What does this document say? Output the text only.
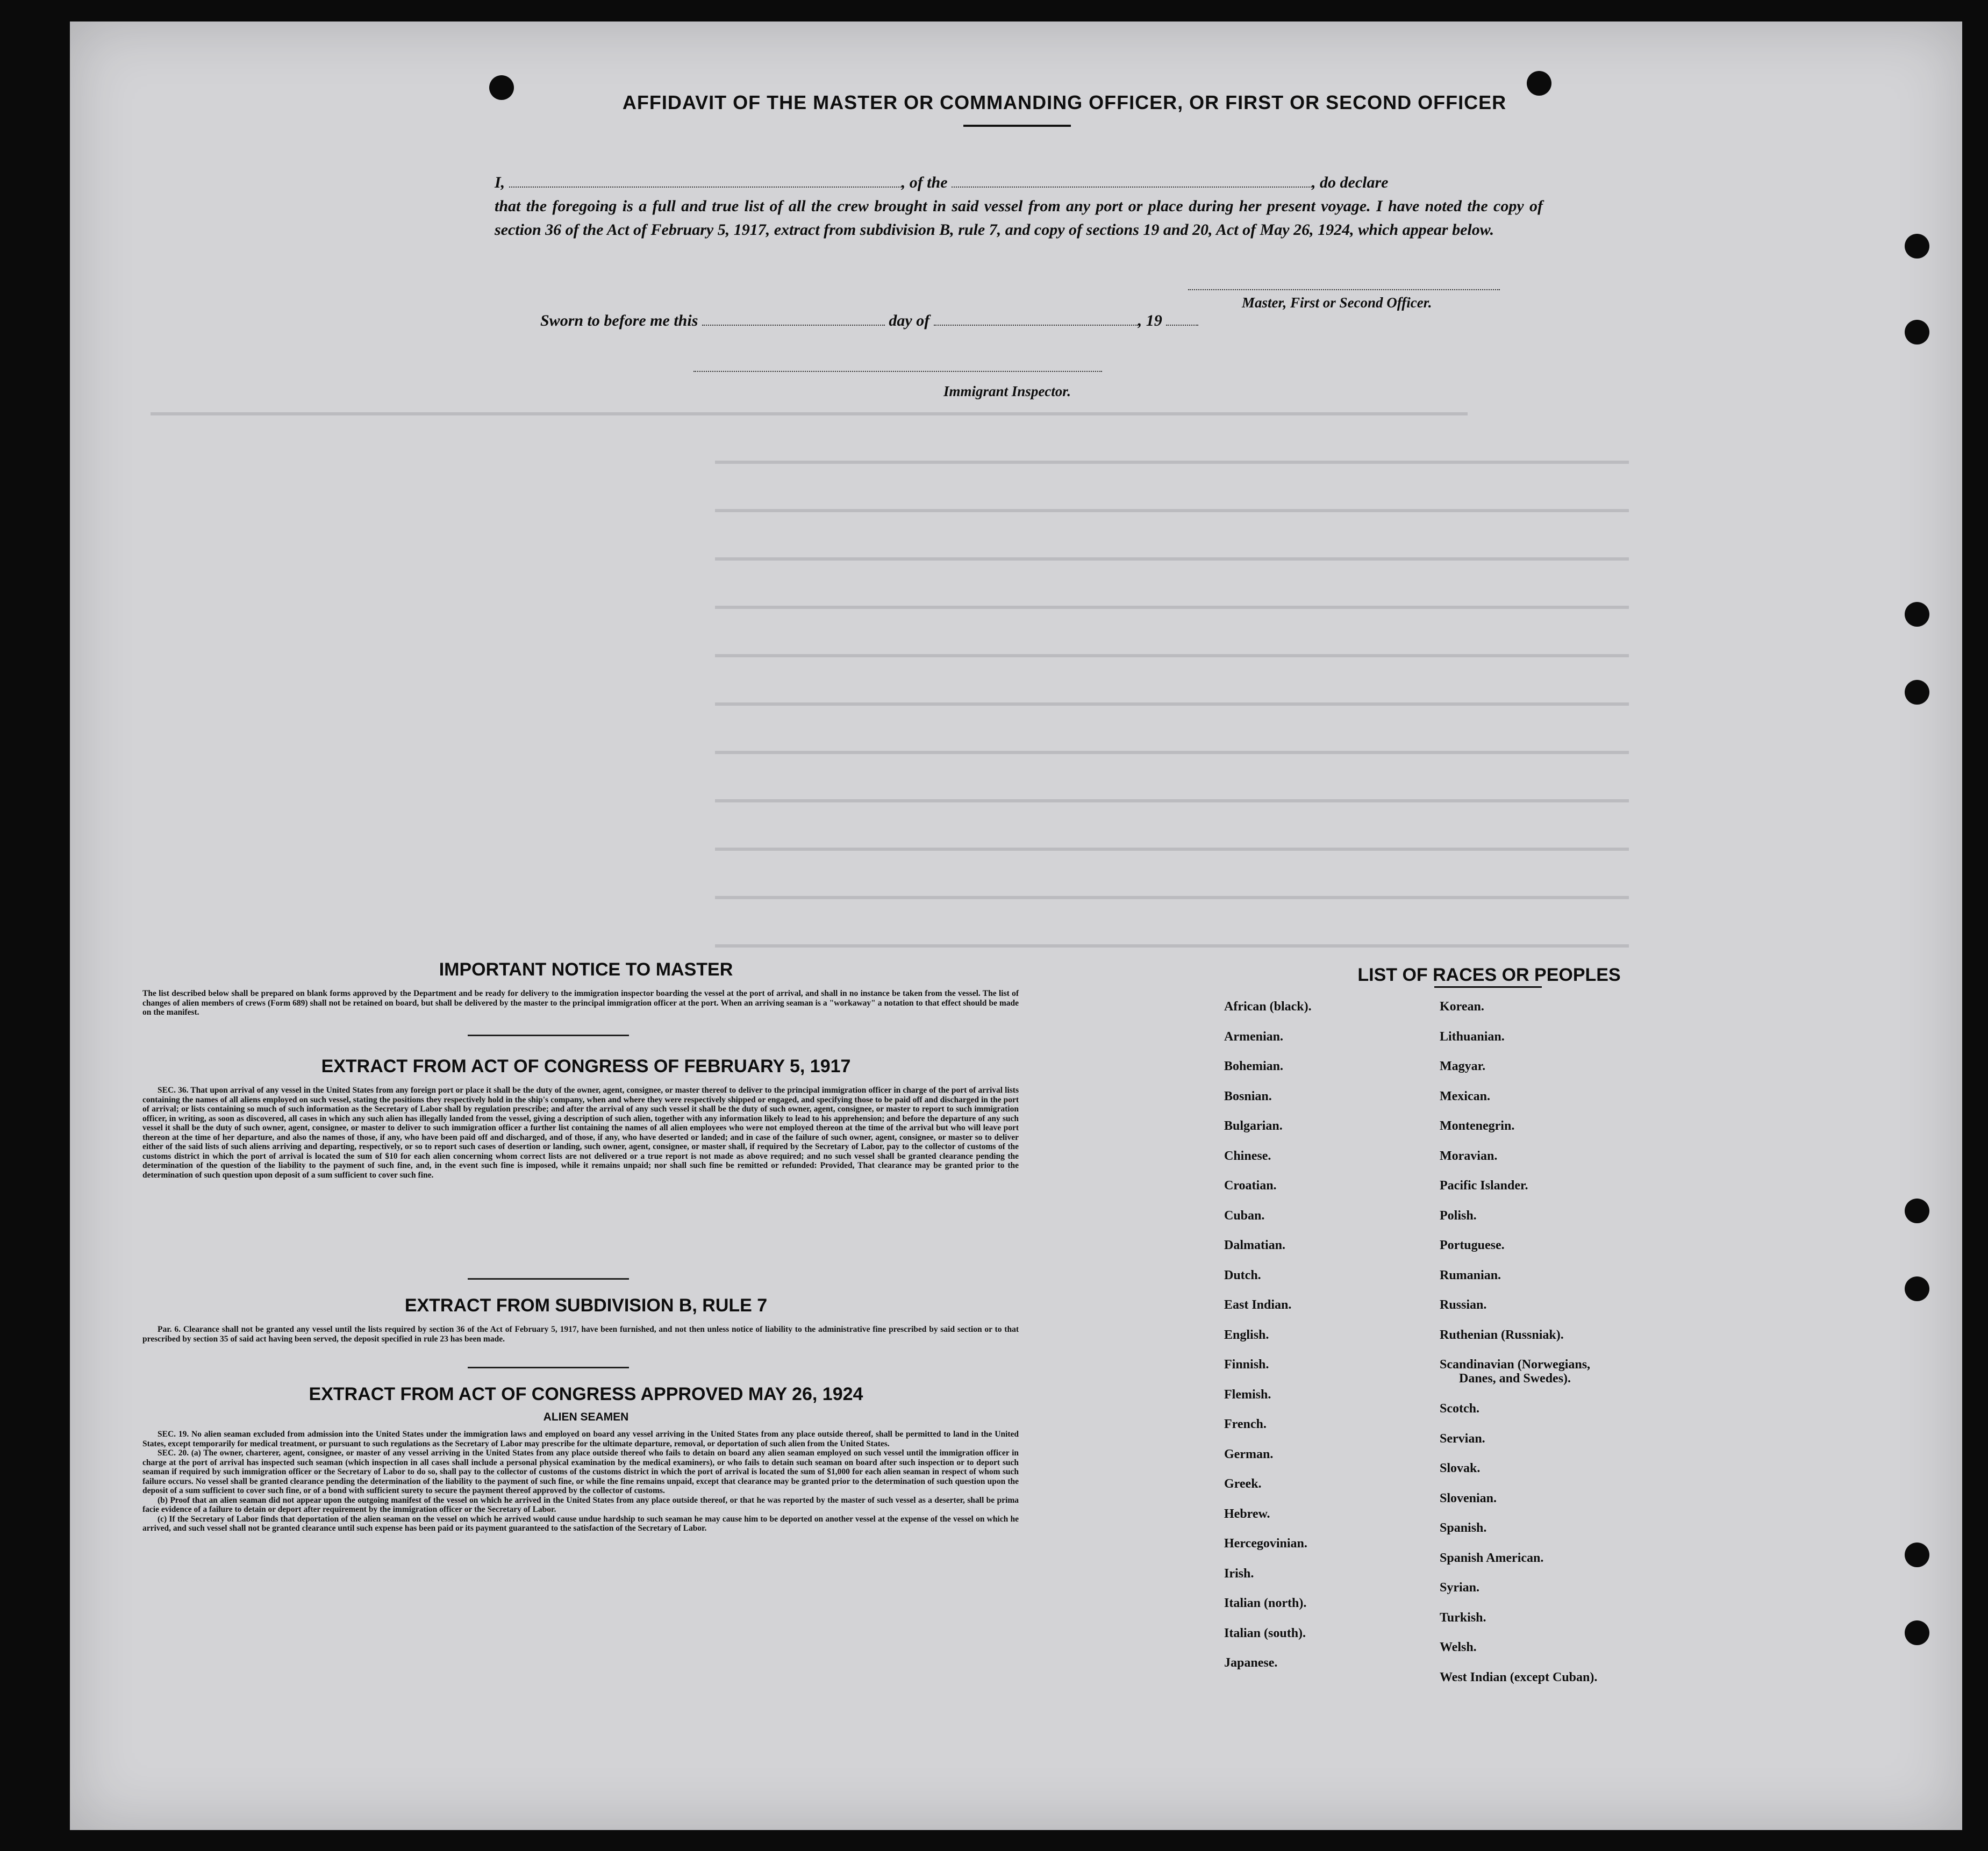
AFFIDAVIT OF THE MASTER OR COMMANDING OFFICER, OR FIRST OR SECOND OFFICER
I,	, of the	, do declare
that the foregoing is a full and true list of all the crew brought in said vessel from any port or place during her present voyage. I have noted the copy of section 36 of the Act of February 5, 1917, extract from subdivision B, rule 7, and copy of sections 19 and 20, Act of May 26, 1924, which appear below.
Master, First or Second Officer.
Sworn to before me this	day of	, 19
Immigrant Inspector.
IMPORTANT NOTICE TO MASTER
The list described below shall be prepared on blank forms approved by the Department and be ready for delivery to the immigration inspector boarding the vessel at the port of arrival, and shall in no instance be taken from the vessel. The list of changes of alien members of crews (Form 689) shall not be retained on board, but shall be delivered by the master to the principal immigration officer at the port. When an arriving seaman is a "workaway" a notation to that effect should be made on the manifest.
EXTRACT FROM ACT OF CONGRESS OF FEBRUARY 5, 1917
SEC. 36. That upon arrival of any vessel in the United States from any foreign port or place it shall be the duty of the owner, agent, consignee, or master thereof to deliver to the principal immigration officer in charge of the port of arrival lists containing the names of all aliens employed on such vessel, stating the positions they respectively hold in the ship's company, when and where they were respectively shipped or engaged, and specifying those to be paid off and discharged in the port of arrival; or lists containing so much of such information as the Secretary of Labor shall by regulation prescribe; and after the arrival of any such vessel it shall be the duty of such owner, agent, consignee, or master to report to such immigration officer, in writing, as soon as discovered, all cases in which any such alien has illegally landed from the vessel, giving a description of such alien, together with any information likely to lead to his apprehension; and before the departure of any such vessel it shall be the duty of such owner, agent, consignee, or master to deliver to such immigration officer a further list containing the names of all alien employees who were not employed thereon at the time of the arrival but who will leave port thereon at the time of her departure, and also the names of those, if any, who have been paid off and discharged, and of those, if any, who have deserted or landed; and in case of the failure of such owner, agent, consignee, or master so to deliver either of the said lists of such aliens arriving and departing, respectively, or so to report such cases of desertion or landing, such owner, agent, consignee, or master shall, if required by the Secretary of Labor, pay to the collector of customs of the customs district in which the port of arrival is located the sum of $10 for each alien concerning whom correct lists are not delivered or a true report is not made as above required; and no such vessel shall be granted clearance pending the determination of the question of the liability to the payment of such fine, and, in the event such fine is imposed, while it remains unpaid; nor shall such fine be remitted or refunded: Provided, That clearance may be granted prior to the determination of such question upon deposit of a sum sufficient to cover such fine.
EXTRACT FROM SUBDIVISION B, RULE 7
Par. 6. Clearance shall not be granted any vessel until the lists required by section 36 of the Act of February 5, 1917, have been furnished, and not then unless notice of liability to the administrative fine prescribed by said section or to that prescribed by section 35 of said act having been served, the deposit specified in rule 23 has been made.
EXTRACT FROM ACT OF CONGRESS APPROVED MAY 26, 1924
ALIEN SEAMEN
SEC. 19. No alien seaman excluded from admission into the United States under the immigration laws and employed on board any vessel arriving in the United States from any place outside thereof, shall be permitted to land in the United States, except temporarily for medical treatment, or pursuant to such regulations as the Secretary of Labor may prescribe for the ultimate departure, removal, or deportation of such alien from the United States.
SEC. 20. (a) The owner, charterer, agent, consignee, or master of any vessel arriving in the United States from any place outside thereof who fails to detain on board any alien seaman employed on such vessel until the immigration officer in charge at the port of arrival has inspected such seaman (which inspection in all cases shall include a personal physical examination by the medical examiners), or who fails to detain such seaman on board after such inspection or to deport such seaman if required by such immigration officer or the Secretary of Labor to do so, shall pay to the collector of customs of the customs district in which the port of arrival is located the sum of $1,000 for each alien seaman in respect of whom such failure occurs. No vessel shall be granted clearance pending the determination of the liability to the payment of such fine, or while the fine remains unpaid, except that clearance may be granted prior to the determination of such question upon the deposit of a sum sufficient to cover such fine, or of a bond with sufficient surety to secure the payment thereof approved by the collector of customs.
(b) Proof that an alien seaman did not appear upon the outgoing manifest of the vessel on which he arrived in the United States from any place outside thereof, or that he was reported by the master of such vessel as a deserter, shall be prima facie evidence of a failure to detain or deport after requirement by the immigration officer or the Secretary of Labor.
(c) If the Secretary of Labor finds that deportation of the alien seaman on the vessel on which he arrived would cause undue hardship to such seaman he may cause him to be deported on another vessel at the expense of the vessel on which he arrived, and such vessel shall not be granted clearance until such expense has been paid or its payment guaranteed to the satisfaction of the Secretary of Labor.
LIST OF RACES OR PEOPLES
African (black).
Armenian.
Bohemian.
Bosnian.
Bulgarian.
Chinese.
Croatian.
Cuban.
Dalmatian.
Dutch.
East Indian.
English.
Finnish.
Flemish.
French.
German.
Greek.
Hebrew.
Hercegovinian.
Irish.
Italian (north).
Italian (south).
Japanese.
Korean.
Lithuanian.
Magyar.
Mexican.
Montenegrin.
Moravian.
Pacific Islander.
Polish.
Portuguese.
Rumanian.
Russian.
Ruthenian (Russniak).
Scandinavian (Norwegians,
Danes, and Swedes).
Scotch.
Servian.
Slovak.
Slovenian.
Spanish.
Spanish American.
Syrian.
Turkish.
Welsh.
West Indian (except Cuban).
